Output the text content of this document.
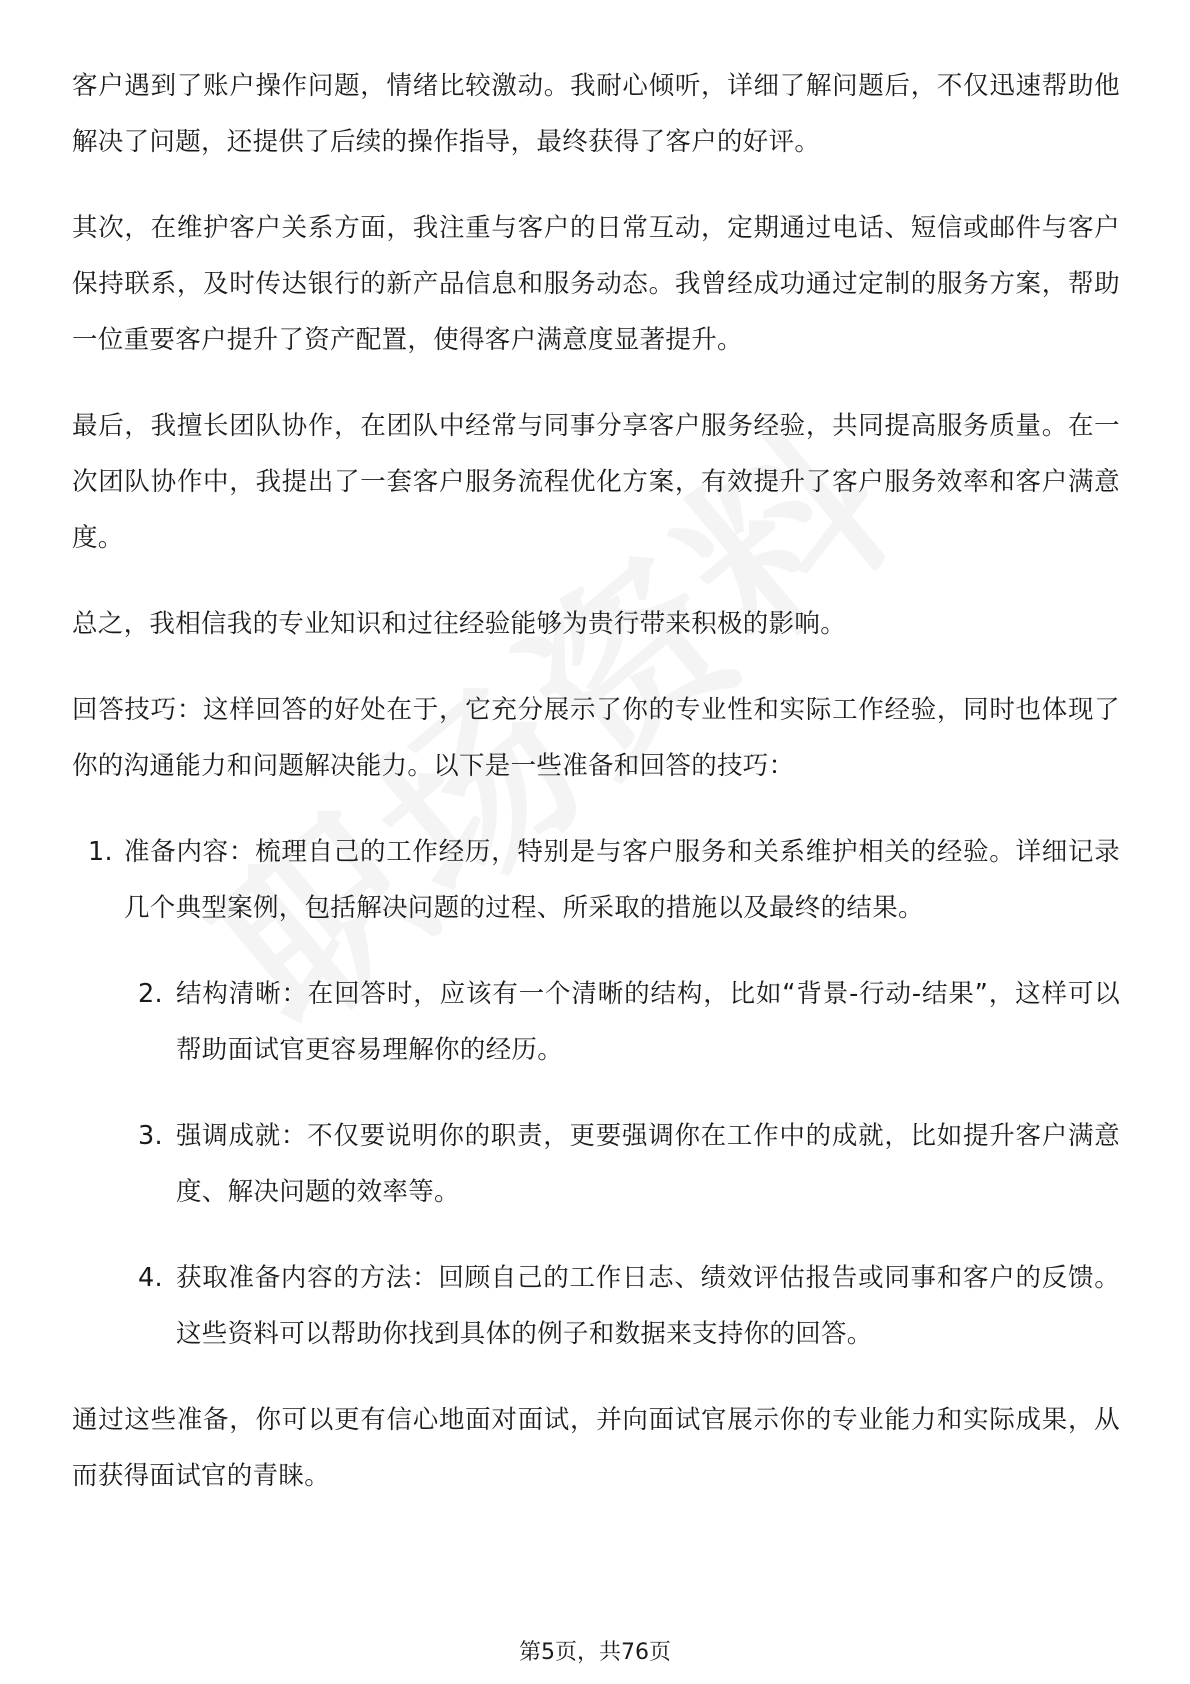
客户遇到了账户操作问题，情绪比较激动。我耐心倾听，详细了解问题后，不仅迅速帮助他解决了问题，还提供了后续的操作指导，最终获得了客户的好评。

其次，在维护客户关系方面，我注重与客户的日常互动，定期通过电话、短信或邮件与客户保持联系，及时传达银行的新产品信息和服务动态。我曾经成功通过定制的服务方案，帮助一位重要客户提升了资产配置，使得客户满意度显著提升。

最后，我擅长团队协作，在团队中经常与同事分享客户服务经验，共同提高服务质量。在一次团队协作中，我提出了一套客户服务流程优化方案，有效提升了客户服务效率和客户满意度。

总之，我相信我的专业知识和过往经验能够为贵行带来积极的影响。

回答技巧：这样回答的好处在于，它充分展示了你的专业性和实际工作经验，同时也体现了你的沟通能力和问题解决能力。以下是一些准备和回答的技巧：

1. 准备内容：梳理自己的工作经历，特别是与客户服务和关系维护相关的经验。详细记录几个典型案例，包括解决问题的过程、所采取的措施以及最终的结果。
2. 结构清晰：在回答时，应该有一个清晰的结构，比如“背景-行动-结果”，这样可以帮助面试官更容易理解你的经历。
3. 强调成就：不仅要说明你的职责，更要强调你在工作中的成就，比如提升客户满意度、解决问题的效率等。
4. 获取准备内容的方法：回顾自己的工作日志、绩效评估报告或同事和客户的反馈。这些资料可以帮助你找到具体的例子和数据来支持你的回答。

通过这些准备，你可以更有信心地面对面试，并向面试官展示你的专业能力和实际成果，从而获得面试官的青睐。

第5页，共76页
